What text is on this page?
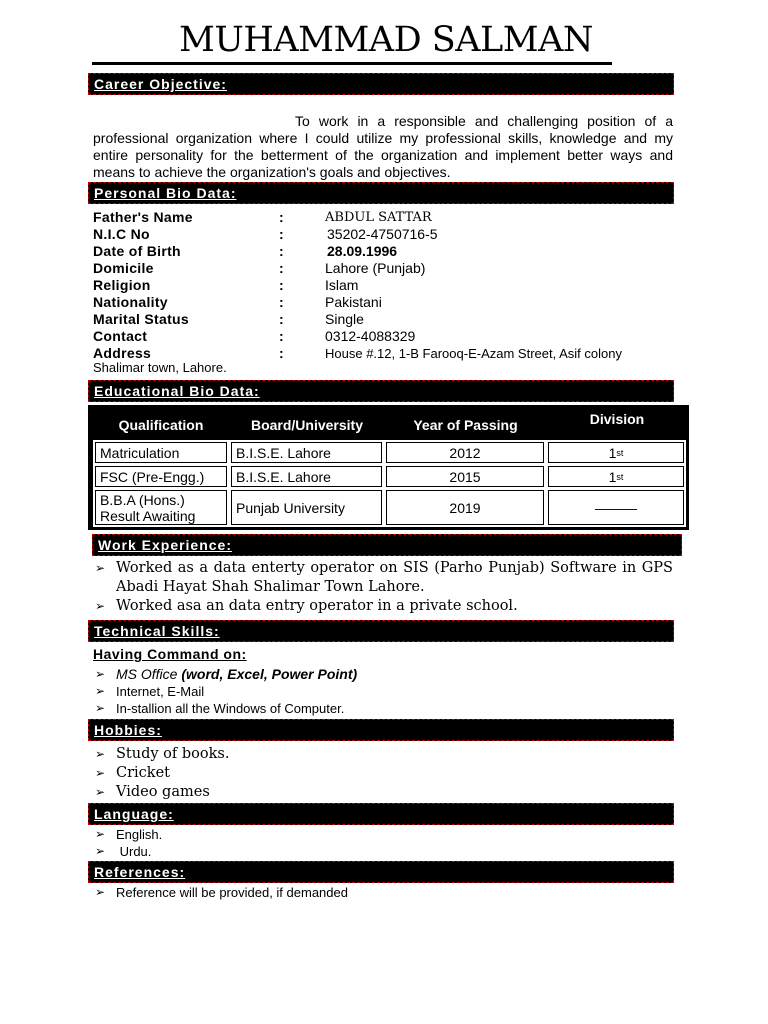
MUHAMMAD SALMAN
Career Objective:

To work in a responsible and challenging position of a professional organization where I could utilize my professional skills, knowledge and my entire personality for the betterment of the organization and implement better ways and means to achieve the organization's goals and objectives.

Personal Bio Data:
Father's Name	:	ABDUL SATTAR
N.I.C No	:	35202-4750716-5
Date of Birth	:	28.09.1996
Domicile	:	Lahore (Punjab)
Religion	:	Islam
Nationality	:	Pakistani
Marital Status	:	Single
Contact	:	0312-4088329
Address	:	House #.12, 1-B Farooq-E-Azam Street, Asif colony
Shalimar town, Lahore.
Educational Bio Data:
Qualification	Board/University	Year of Passing	Division
Matriculation	B.I.S.E. Lahore	2012	1 st
FSC (Pre-Engg.)	B.I.S.E. Lahore	2015	1 st
B.B.A (Hons.)
Result Awaiting	Punjab University	2019	———
Work Experience:
➢ Worked as a data enterty operator on SIS (Parho Punjab) Software in GPS Abadi Hayat Shah Shalimar Town Lahore.
➢ Worked asa an data entry operator in a private school.
Technical Skills:
Having Command on:
➢ MS Office (word, Excel, Power Point)
➢ Internet, E-Mail
➢ In-stallion all the Windows of Computer.
Hobbies:
➢ Study of books.
➢ Cricket
➢ Video games
Language:
➢ English.
➢ Urdu.
References:
➢ Reference will be provided, if demanded
